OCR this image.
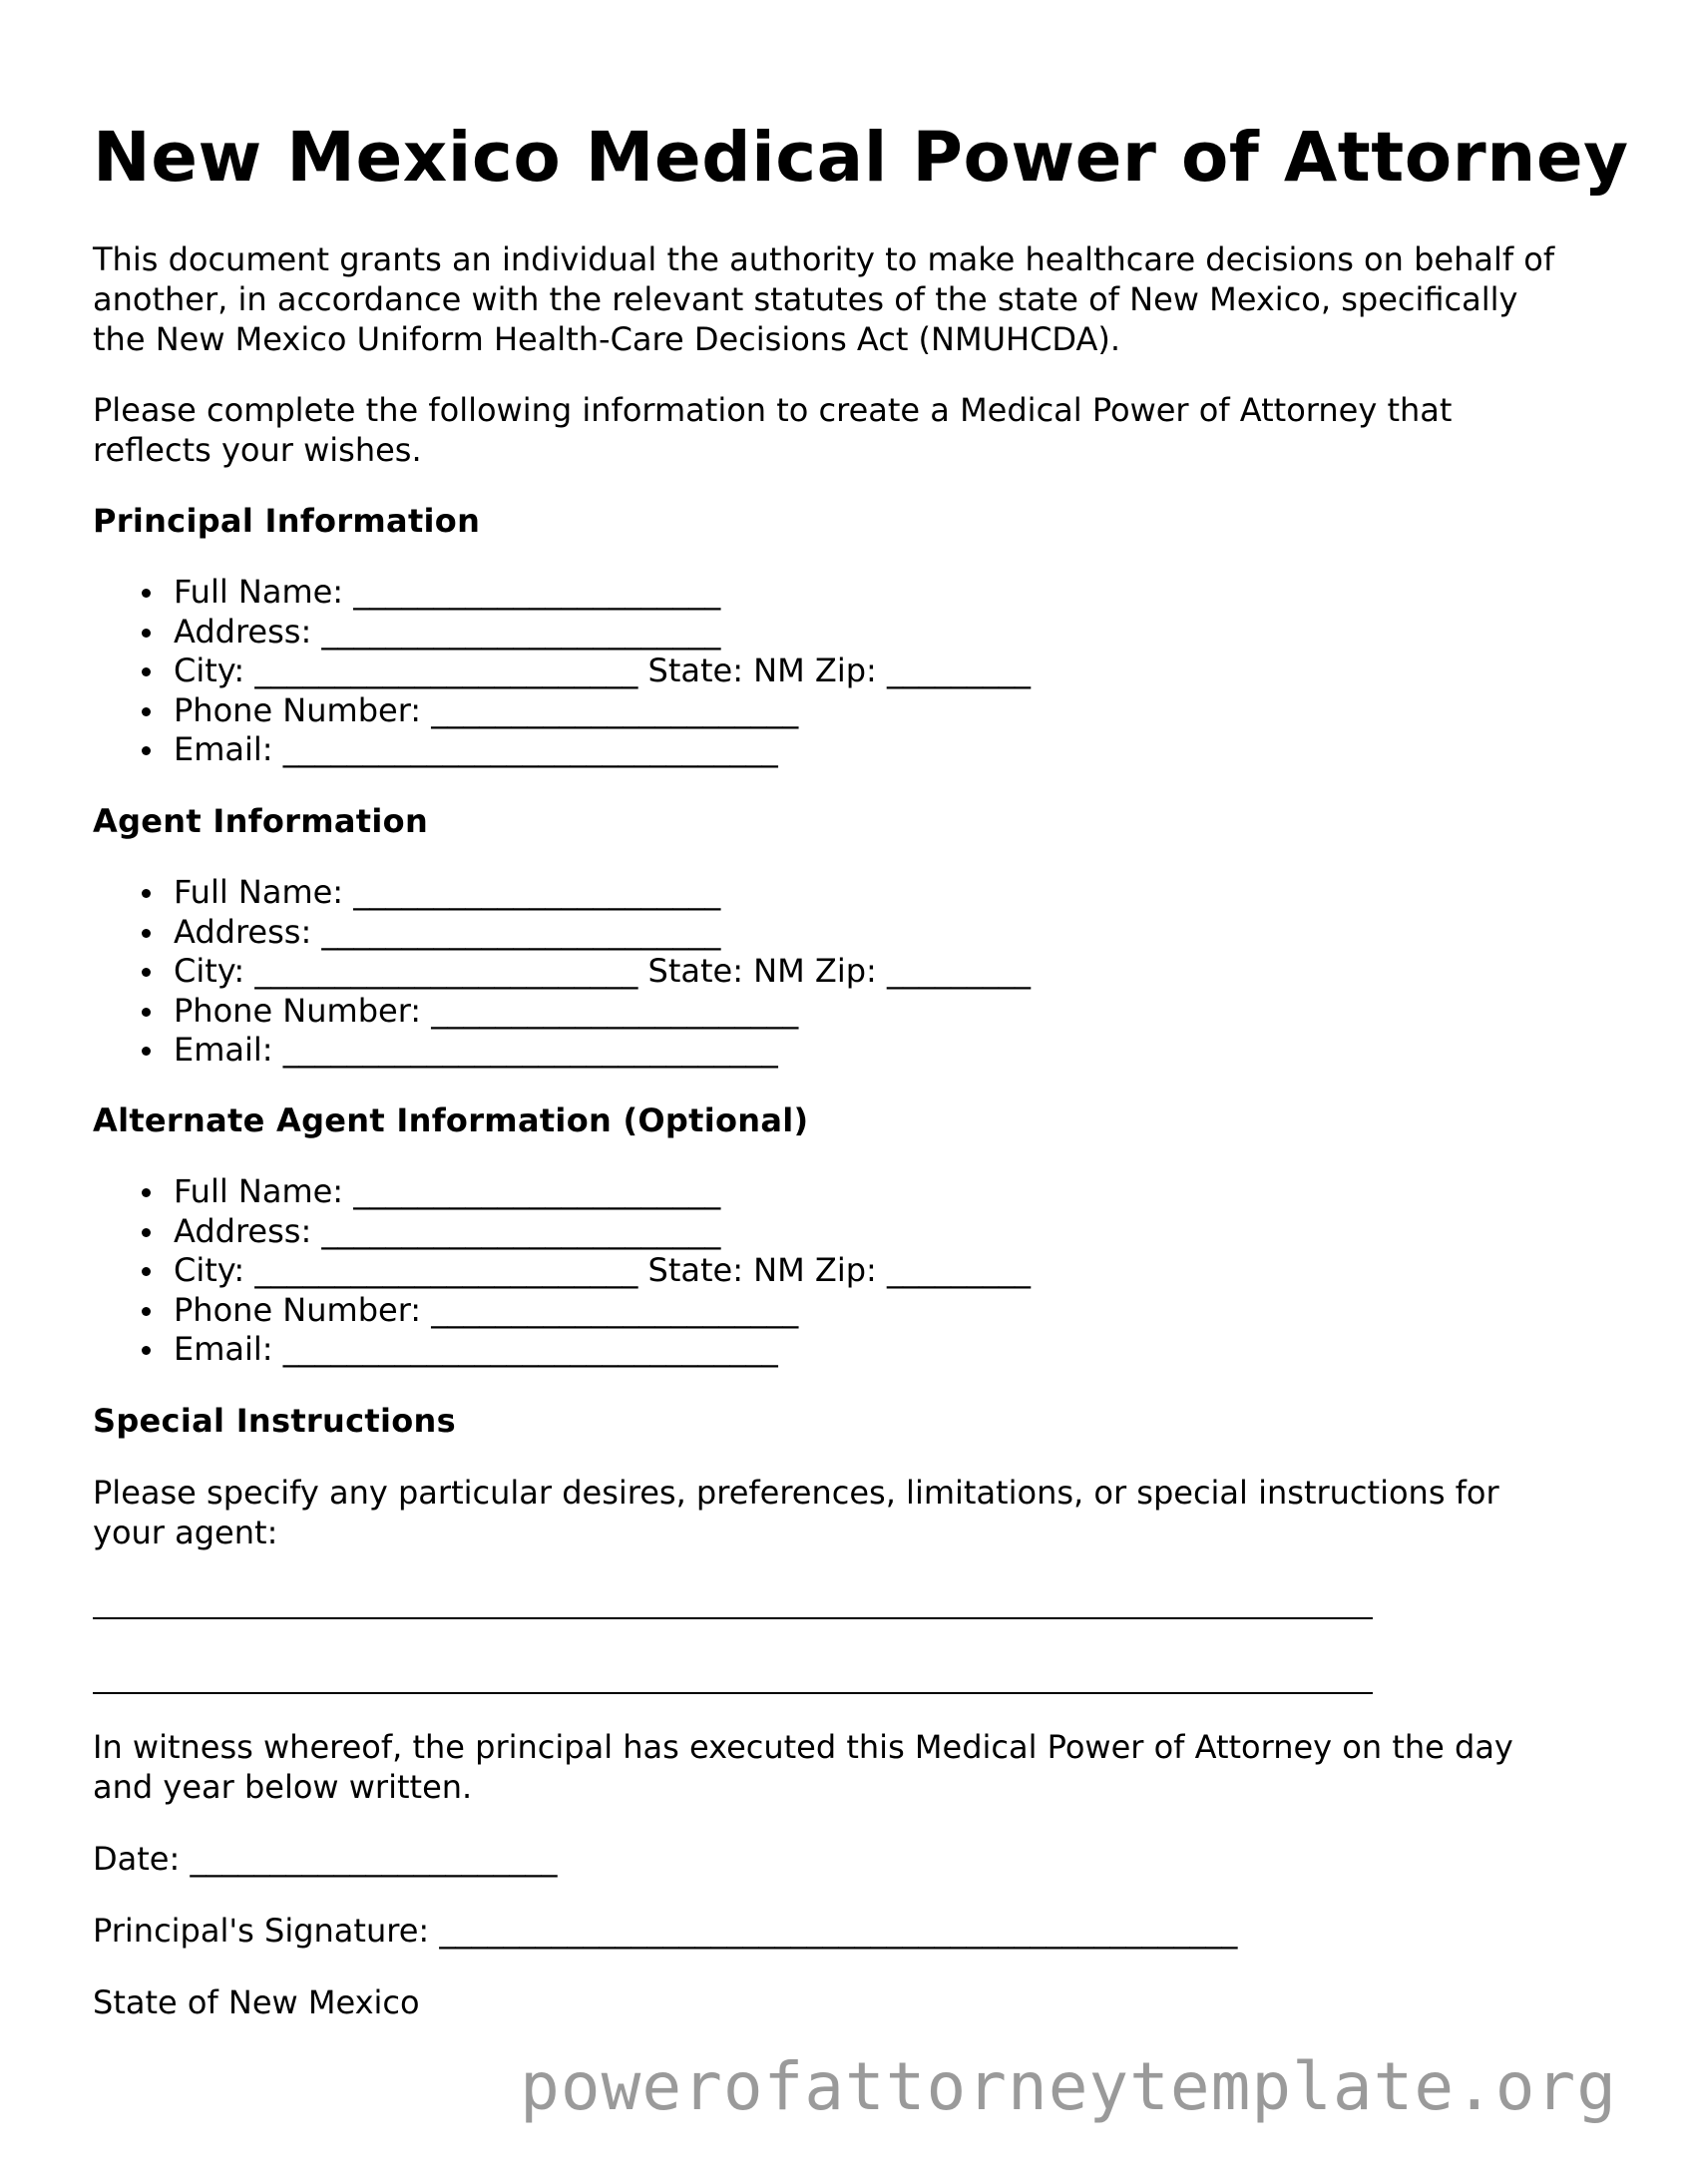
New Mexico Medical Power of Attorney

This document grants an individual the authority to make healthcare decisions on behalf of another, in accordance with the relevant statutes of the state of New Mexico, specifically the New Mexico Uniform Health-Care Decisions Act (NMUHCDA).

Please complete the following information to create a Medical Power of Attorney that reflects your wishes.

Principal Information
Full Name: _______________________
Address: _________________________
City: ________________________ State: NM Zip: _________
Phone Number: _______________________
Email: _______________________________
Agent Information
Full Name: _______________________
Address: _________________________
City: ________________________ State: NM Zip: _________
Phone Number: _______________________
Email: _______________________________
Alternate Agent Information (Optional)
Full Name: _______________________
Address: _________________________
City: ________________________ State: NM Zip: _________
Phone Number: _______________________
Email: _______________________________
Special Instructions

Please specify any particular desires, preferences, limitations, or special instructions for your agent:

In witness whereof, the principal has executed this Medical Power of Attorney on the day and year below written.

Date: _______________________
Principal's Signature: __________________________________________________
State of New Mexico
powerofattorneytemplate.org
